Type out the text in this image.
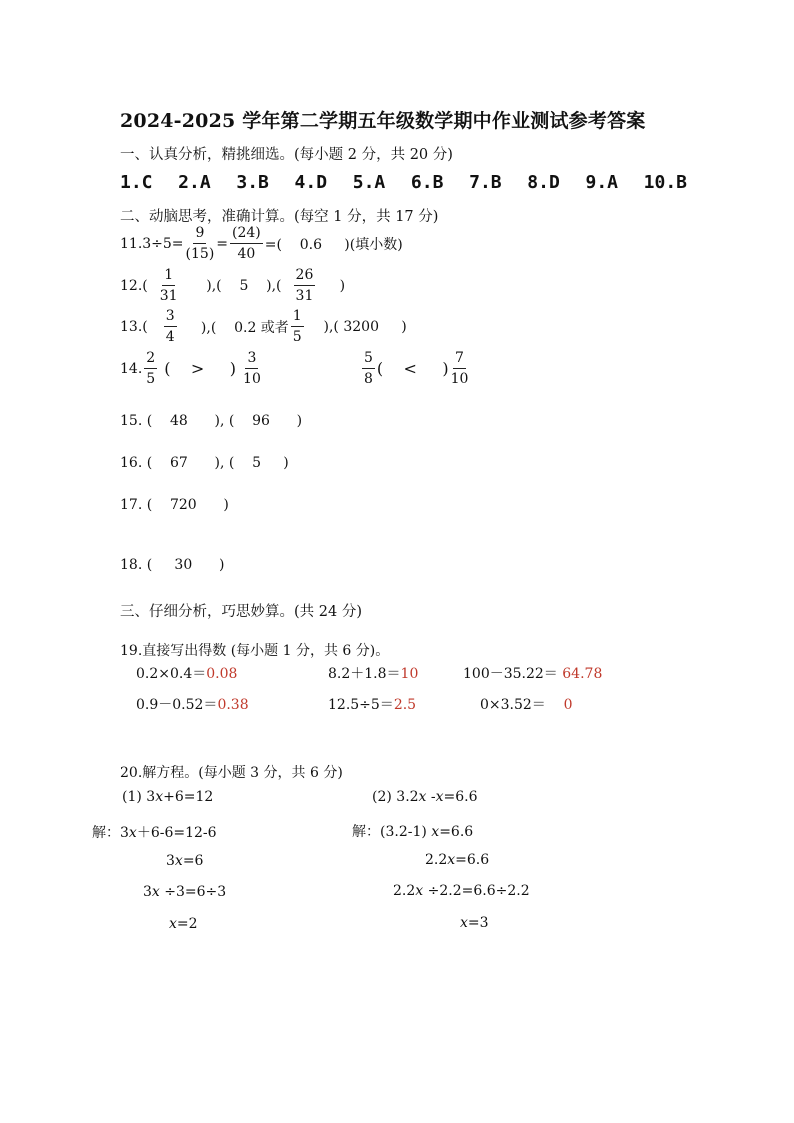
2024-2025 学年第二学期五年级数学期中作业测试参考答案
一、认真分析，精挑细选。(每小题 2 分，共 20 分)
1.C  2.A  3.B  4.D  5.A  6.B  7.B  8.D  9.A  10.B
二、动脑思考，准确计算。(每空 1 分，共 17 分)
$11.3\div 5= \frac{9}{(15)} = \frac{(24)}{40}$ =(    0.6     )(填小数)
$12.( \frac{1}{31}$ ),(    5    ),( $\frac{26}{31}$ )
$13.( \frac{3}{4}$ ),(    0.2 或者 $\frac{1}{5}$ ),( 3200     )
14. $\frac{2}{5}$ (    >     ) $\frac{3}{10}$	$\frac{5}{8}$ (    <     ) $\frac{7}{10}$
15. (    48      ), (    96      )
16. (    67      ), (    5     )
17. (    720      )
18. (     30      )
三、仔细分析，巧思妙算。(共 24 分)
19.直接写出得数 (每小题 1 分，共 6 分)。
0.2×0.4＝0.08	8.2＋1.8＝10	100－35.22＝ 64.78
0.9－0.52＝0.38	12.5÷5＝2.5	0×3.52＝    0
20.解方程。(每小题 3 分，共 6 分)
(1) 3x+6=12
解：3x＋6-6=12-6
3x=6
3x ÷3=6÷3
x=2
(2) 3.2x -x=6.6
解：(3.2-1) x=6.6
2.2x=6.6
2.2x ÷2.2=6.6÷2.2
x=3
